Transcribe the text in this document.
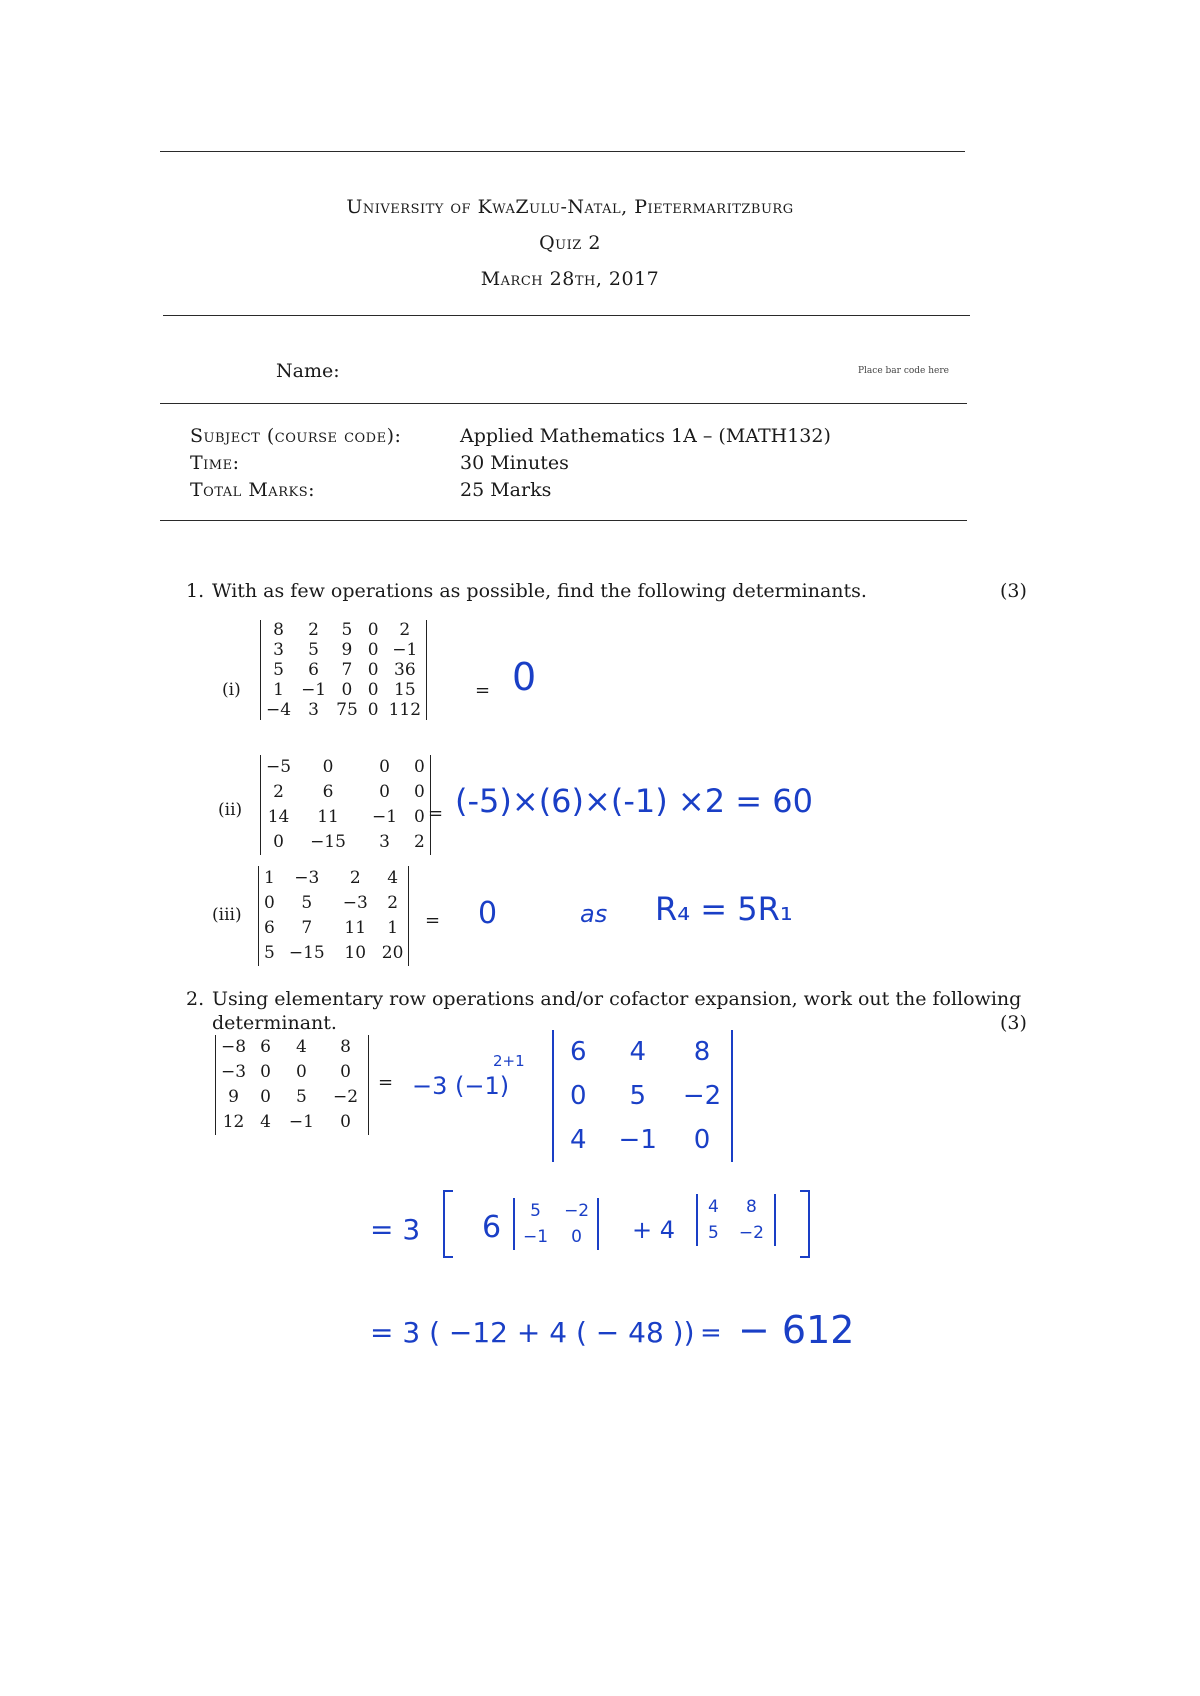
University of KwaZulu-Natal, Pietermaritzburg
Quiz 2
March 28th, 2017
Name:	Place bar code here
Subject (course code):	Applied Mathematics 1A – (MATH132)
Time:	30 Minutes
Total Marks:	25 Marks
1. With as few operations as possible, find the following determinants.	(3)
(i)
8	2	5	0	2
3	5	9	0	−1
5	6	7	0	36
1	−1	0	0	15
−4	3	75	0	112
= 0
(ii)
−5	0	0	0
2	6	0	0
14	11	−1	0
0	−15	3	2
= (-5)×(6)×(-1) ×2 = 60
(iii)
1	−3	2	4
0	5	−3	2
6	7	11	1
5	−15	10	20
= 0	as R₄ = 5R₁
2. Using elementary row operations and/or cofactor expansion, work out the following
determinant.	(3)
−8	6	4	8
−3	0	0	0
9	0	5	−2
12	4	−1	0
= −3 (−1)
2+1 6	4	8
0	5	−2
4	−1	0
= 3 6 5	−2
−1	0 + 4
4	8
5	−2
= 3 ( −12 + 4 ( − 48 )) = − 612
